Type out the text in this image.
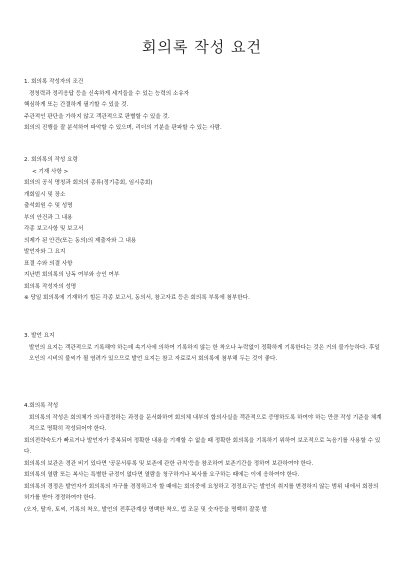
회의록 작성 요건

1. 회의록 작성자의 조건

경청력과 정리응답 등을 신속하게 세겨들을 수 있는 능력의 소유자

핵심하게 또는 간결하게 필기할 수 있을 것.

주관적인 판단을 가하지 않고 객관적으로 판별할 수 있을 것.

회의의 진행을 잘 분석하여 파악할 수 있으며, 리더의 기분을 판파할 수 있는 사람.

2. 회의록의 작성 요령

< 기재 사항 >

회의의 공식 명칭과 회의의 종류(정기총회, 임시총회)

개회일시 및 장소

출석회원 수 및 성명

부의 안건과 그 내용

각종 보고사항 및 보고서

의제가 된 안건(또는 동의)의 제출자와 그 내용

발언자와 그 요지

표결 수와 의결 사항

지난번 회의록의 낭독 여부와 승인 여부

회의록 작성자의 성명

※ 당일 회의록에 기재하기 힘든 각종 보고서, 동의서, 참고자료 등은 회의록 부록에 첨부한다.

3. 발언 요지

발언의 요지는 객관적으로 기록해야 하는데 속기사에 의하여 기록하지 않는 한 착오나 누락없이 정확하게 기록한다는 것은 거의 불가능하다. 후일 오인의 시비의 불씨가 될 염려가 있으므로 발언 요지는 참고 자료로서 회의록에 첨부해 두는 것이 좋다.

4.회의록 작성

회의록의 작성은 회의체가 의사결정하는 과정을 문서화하여 회의체 내부의 합의사실을 객관적으로 증명하도록 하여야 하는 만큼 작성 기준을 체계적으로 명확히 작성되어야 한다.

회의전략숙도가 빠르거나 발언자가 중복되어 정확한 내용을 기재할 수 없을 때 정확한 회의록을 기록하기 위하여 보조적으로 녹음기를 사용할 수 있다.

회의록의 보관은 경관 비기 있다면 '공문서류록 및 보존에 관한 규칙'등을 참조하여 보존기간을 정하여 보관하여야 한다.

회의록의 열람 또는 복사는 특별한 규정이 없다면 열람을 청구하거나 복사를 요구하는 때에는 이에 응하여야 한다.

회의록의 경정은 발언자가 회의록의 자구를 경정하고자 할 때에는 회의중에 요청하고 경정요구는 발언의 취지를 변경하지 않는 범위 내에서 회장의 허가를 받아 경정하여야 한다.

(오자, 탈자, 토씨, 기록의 착오, 발언의 전후관계상 명백한 착오, 법 조문 및 숫자등을 명백히 잘못 발
